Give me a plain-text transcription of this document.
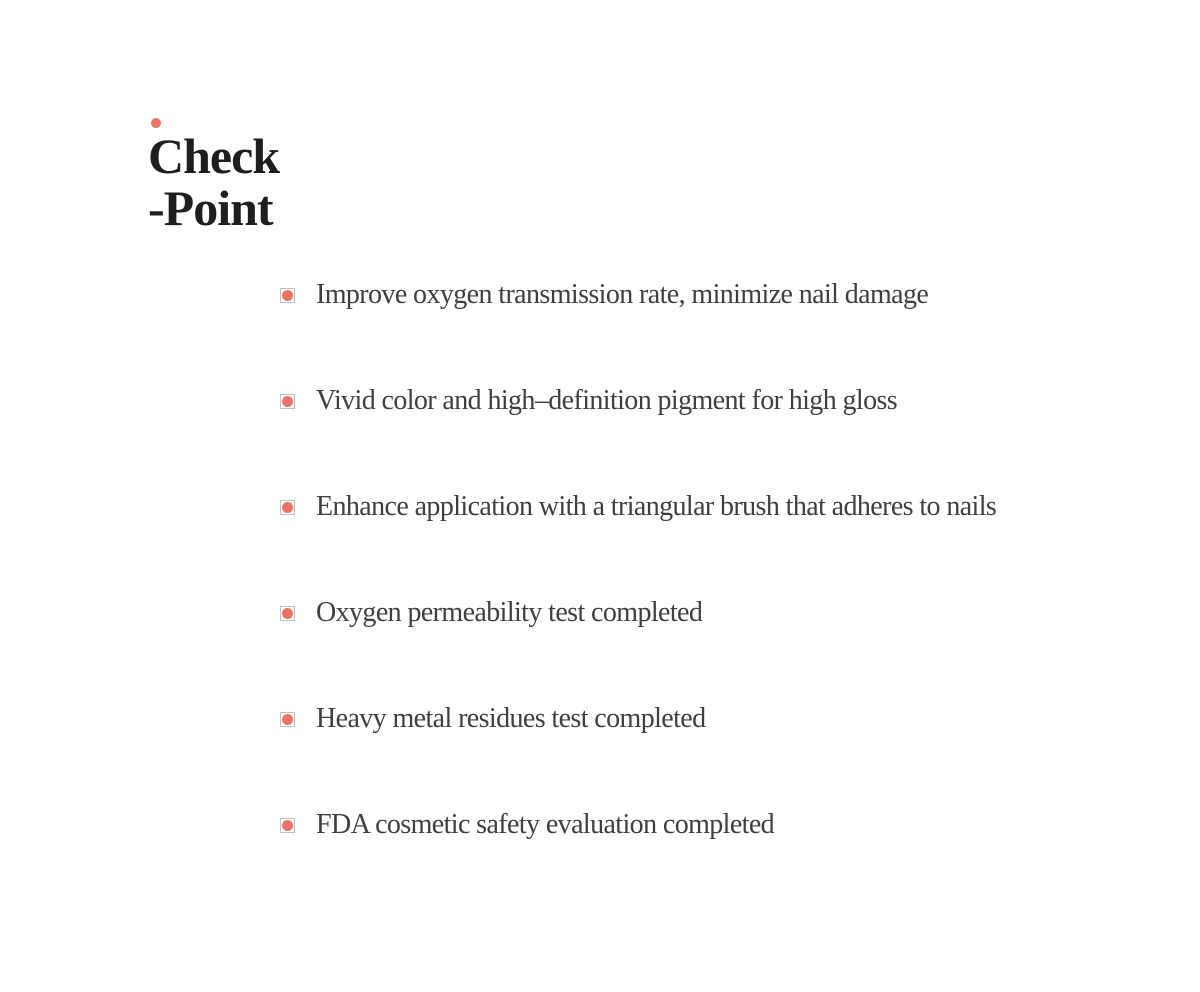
Check
-Point
Improve oxygen transmission rate, minimize nail damage
Vivid color and high–definition pigment for high gloss
Enhance application with a triangular brush that adheres to nails
Oxygen permeability test completed
Heavy metal residues test completed
FDA cosmetic safety evaluation completed
